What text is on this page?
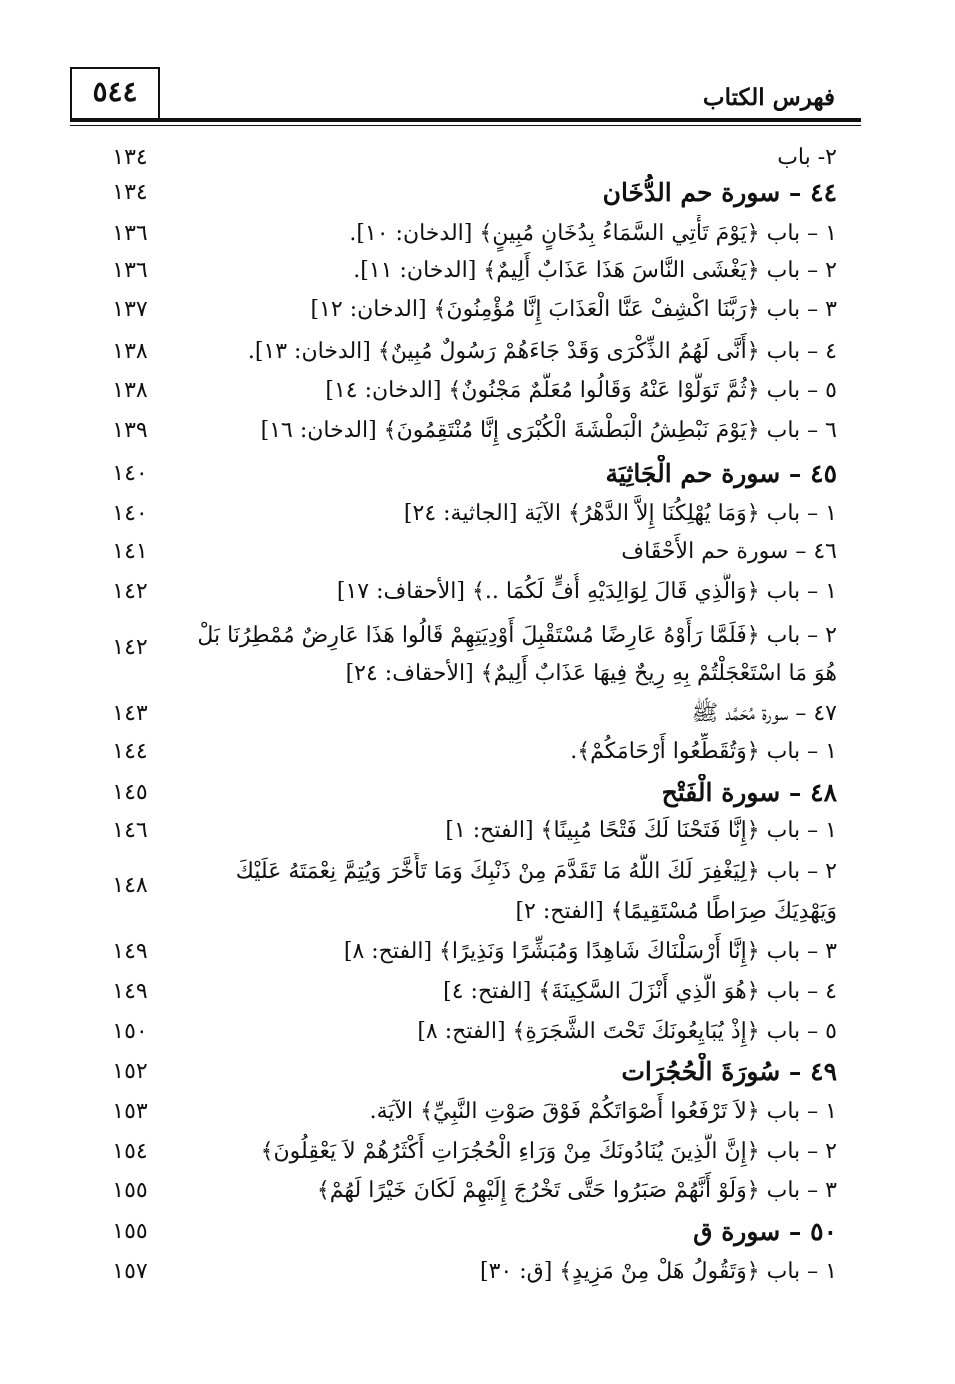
٥٤٤	فهرس الكتاب
٢- باب
١٣٤
٤٤ – سورة حم الدُّخَان
١٣٤
١ – باب ﴿يَوْمَ تَأْتِي السَّمَاءُ بِدُخَانٍ مُبِينٍ﴾ [الدخان: ١٠].
١٣٦
٢ – باب ﴿يَغْشَى النَّاسَ هَذَا عَذَابٌ أَلِيمٌ﴾ [الدخان: ١١].
١٣٦
٣ – باب ﴿رَبَّنَا اكْشِفْ عَنَّا الْعَذَابَ إِنَّا مُؤْمِنُونَ﴾ [الدخان: ١٢]
١٣٧
٤ – باب ﴿أَنَّى لَهُمُ الذِّكْرَى وَقَدْ جَاءَهُمْ رَسُولٌ مُبِينٌ﴾ [الدخان: ١٣].
١٣٨
٥ – باب ﴿ثُمَّ تَوَلَّوْا عَنْهُ وَقَالُوا مُعَلَّمٌ مَجْنُونٌ﴾ [الدخان: ١٤]
١٣٨
٦ – باب ﴿يَوْمَ نَبْطِشُ الْبَطْشَةَ الْكُبْرَى إِنَّا مُنْتَقِمُونَ﴾ [الدخان: ١٦]
١٣٩
٤٥ – سورة حم الْجَاثِيَة
١٤٠
١ – باب ﴿وَمَا يُهْلِكُنَا إِلاَّ الدَّهْرُ﴾ الآيَة [الجاثية: ٢٤]
١٤٠
٤٦ – سورة حم الأَحْقَاف
١٤١
١ – باب ﴿وَالَّذِي قَالَ لِوَالِدَيْهِ أُفٍّ لَكُمَا ..﴾ [الأحقاف: ١٧]
١٤٢
٢ – باب ﴿فَلَمَّا رَأَوْهُ عَارِضًا مُسْتَقْبِلَ أَوْدِيَتِهِمْ قَالُوا هَذَا عَارِضٌ مُمْطِرُنَا بَلْ
١٤٢
هُوَ مَا اسْتَعْجَلْتُمْ بِهِ رِيحٌ فِيهَا عَذَابٌ أَلِيمٌ﴾ [الأحقاف: ٢٤]
٤٧ – سورة مُحَمَّد ﷺ
١٤٣
١ – باب ﴿وَتُقَطِّعُوا أَرْحَامَكُمْ﴾.
١٤٤
٤٨ – سورة الْفَتْح
١٤٥
١ – باب ﴿إِنَّا فَتَحْنَا لَكَ فَتْحًا مُبِينًا﴾ [الفتح: ١]
١٤٦
٢ – باب ﴿لِيَغْفِرَ لَكَ اللَّهُ مَا تَقَدَّمَ مِنْ ذَنْبِكَ وَمَا تَأَخَّرَ وَيُتِمَّ نِعْمَتَهُ عَلَيْكَ
١٤٨
وَيَهْدِيَكَ صِرَاطًا مُسْتَقِيمًا﴾ [الفتح: ٢]
٣ – باب ﴿إِنَّا أَرْسَلْنَاكَ شَاهِدًا وَمُبَشِّرًا وَنَذِيرًا﴾ [الفتح: ٨]
١٤٩
٤ – باب ﴿هُوَ الَّذِي أَنْزَلَ السَّكِينَةَ﴾ [الفتح: ٤]
١٤٩
٥ – باب ﴿إِذْ يُبَايِعُونَكَ تَحْتَ الشَّجَرَةِ﴾ [الفتح: ٨]
١٥٠
٤٩ – سُورَةَ الْحُجُرَات
١٥٢
١ – باب ﴿لاَ تَرْفَعُوا أَصْوَاتَكُمْ فَوْقَ صَوْتِ النَّبِيِّ﴾ الآيَة.
١٥٣
٢ – باب ﴿إِنَّ الَّذِينَ يُنَادُونَكَ مِنْ وَرَاءِ الْحُجُرَاتِ أَكْثَرُهُمْ لاَ يَعْقِلُونَ﴾
١٥٤
٣ – باب ﴿وَلَوْ أَنَّهُمْ صَبَرُوا حَتَّى تَخْرُجَ إِلَيْهِمْ لَكَانَ خَيْرًا لَهُمْ﴾
١٥٥
٥٠ – سورة ق
١٥٥
١ – باب ﴿وَتَقُولُ هَلْ مِنْ مَزِيدٍ﴾ [ق: ٣٠]
١٥٧
